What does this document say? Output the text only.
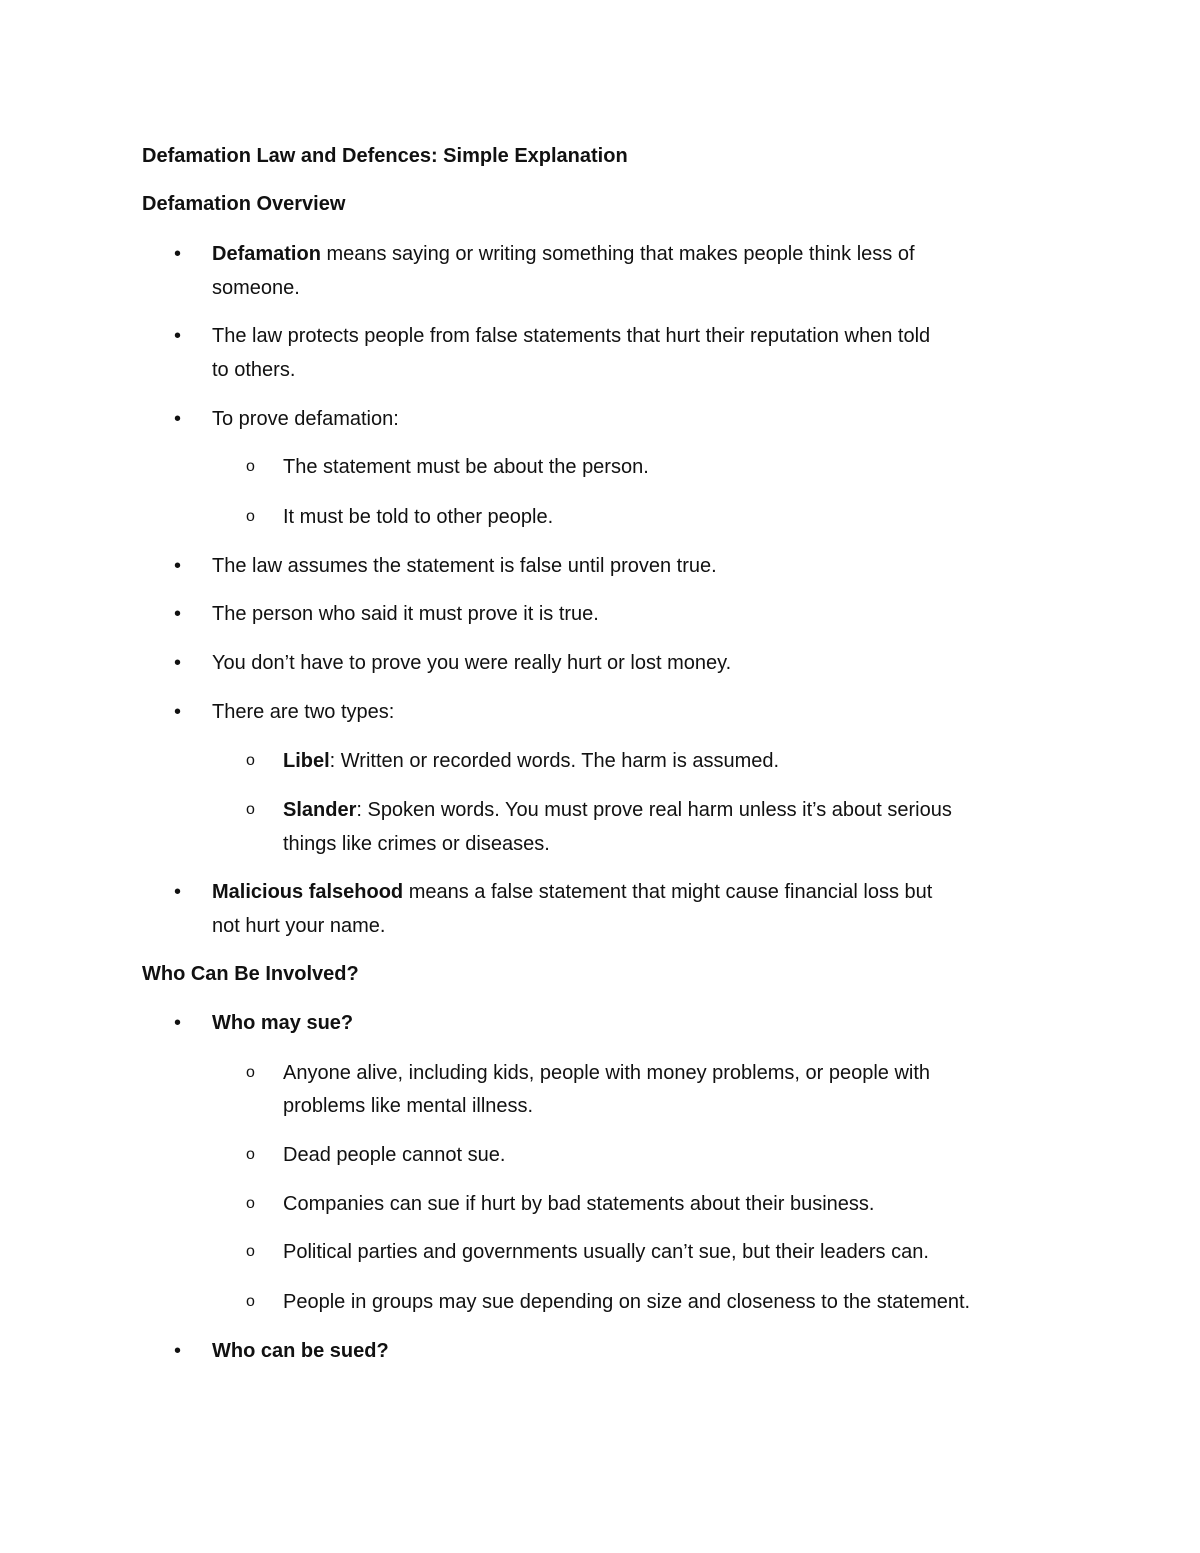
Defamation Law and Defences: Simple Explanation
Defamation Overview
• Defamation means saying or writing something that makes people think less of
someone.
• The law protects people from false statements that hurt their reputation when told
to others.
• To prove defamation:
o The statement must be about the person.
o It must be told to other people.
• The law assumes the statement is false until proven true.
• The person who said it must prove it is true.
• You don’t have to prove you were really hurt or lost money.
• There are two types:
o Libel: Written or recorded words. The harm is assumed.
o Slander: Spoken words. You must prove real harm unless it’s about serious
things like crimes or diseases.
• Malicious falsehood means a false statement that might cause financial loss but
not hurt your name.
Who Can Be Involved?
• Who may sue?
o Anyone alive, including kids, people with money problems, or people with
problems like mental illness.
o Dead people cannot sue.
o Companies can sue if hurt by bad statements about their business.
o Political parties and governments usually can’t sue, but their leaders can.
o People in groups may sue depending on size and closeness to the statement.
• Who can be sued?
